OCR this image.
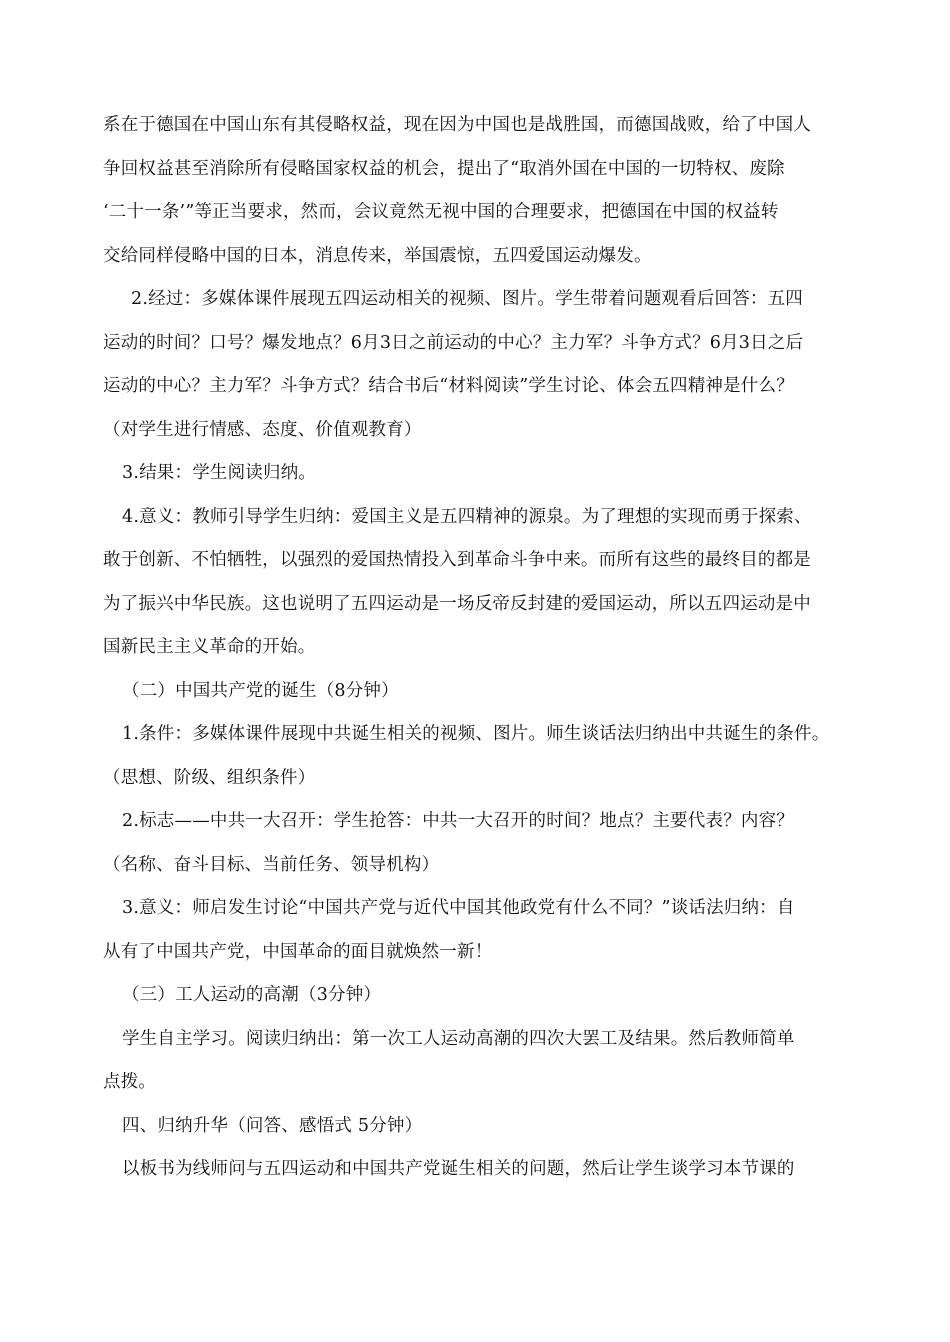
系在于德国在中国山东有其侵略权益，现在因为中国也是战胜国，而德国战败，给了中国人
争回权益甚至消除所有侵略国家权益的机会，提出了“取消外国在中国的一切特权、废除
‘二十一条’”等正当要求，然而，会议竟然无视中国的合理要求，把德国在中国的权益转
交给同样侵略中国的日本，消息传来，举国震惊，五四爱国运动爆发。
2.经过：多媒体课件展现五四运动相关的视频、图片。学生带着问题观看后回答：五四
运动的时间？口号？爆发地点？6月3日之前运动的中心？主力军？斗争方式？6月3日之后
运动的中心？主力军？斗争方式？结合书后“材料阅读”学生讨论、体会五四精神是什么？
（对学生进行情感、态度、价值观教育）
3.结果：学生阅读归纳。
4.意义：教师引导学生归纳：爱国主义是五四精神的源泉。为了理想的实现而勇于探索、
敢于创新、不怕牺牲，以强烈的爱国热情投入到革命斗争中来。而所有这些的最终目的都是
为了振兴中华民族。这也说明了五四运动是一场反帝反封建的爱国运动，所以五四运动是中
国新民主主义革命的开始。
（二）中国共产党的诞生（8分钟）
1.条件：多媒体课件展现中共诞生相关的视频、图片。师生谈话法归纳出中共诞生的条件。
（思想、阶级、组织条件）
2.标志——中共一大召开：学生抢答：中共一大召开的时间？地点？主要代表？内容？
（名称、奋斗目标、当前任务、领导机构）
3.意义：师启发生讨论“中国共产党与近代中国其他政党有什么不同？”谈话法归纳：自
从有了中国共产党，中国革命的面目就焕然一新！
（三）工人运动的高潮（3分钟）
学生自主学习。阅读归纳出：第一次工人运动高潮的四次大罢工及结果。然后教师简单
点拨。
四、归纳升华（问答、感悟式 5分钟）
以板书为线师问与五四运动和中国共产党诞生相关的问题，然后让学生谈学习本节课的
